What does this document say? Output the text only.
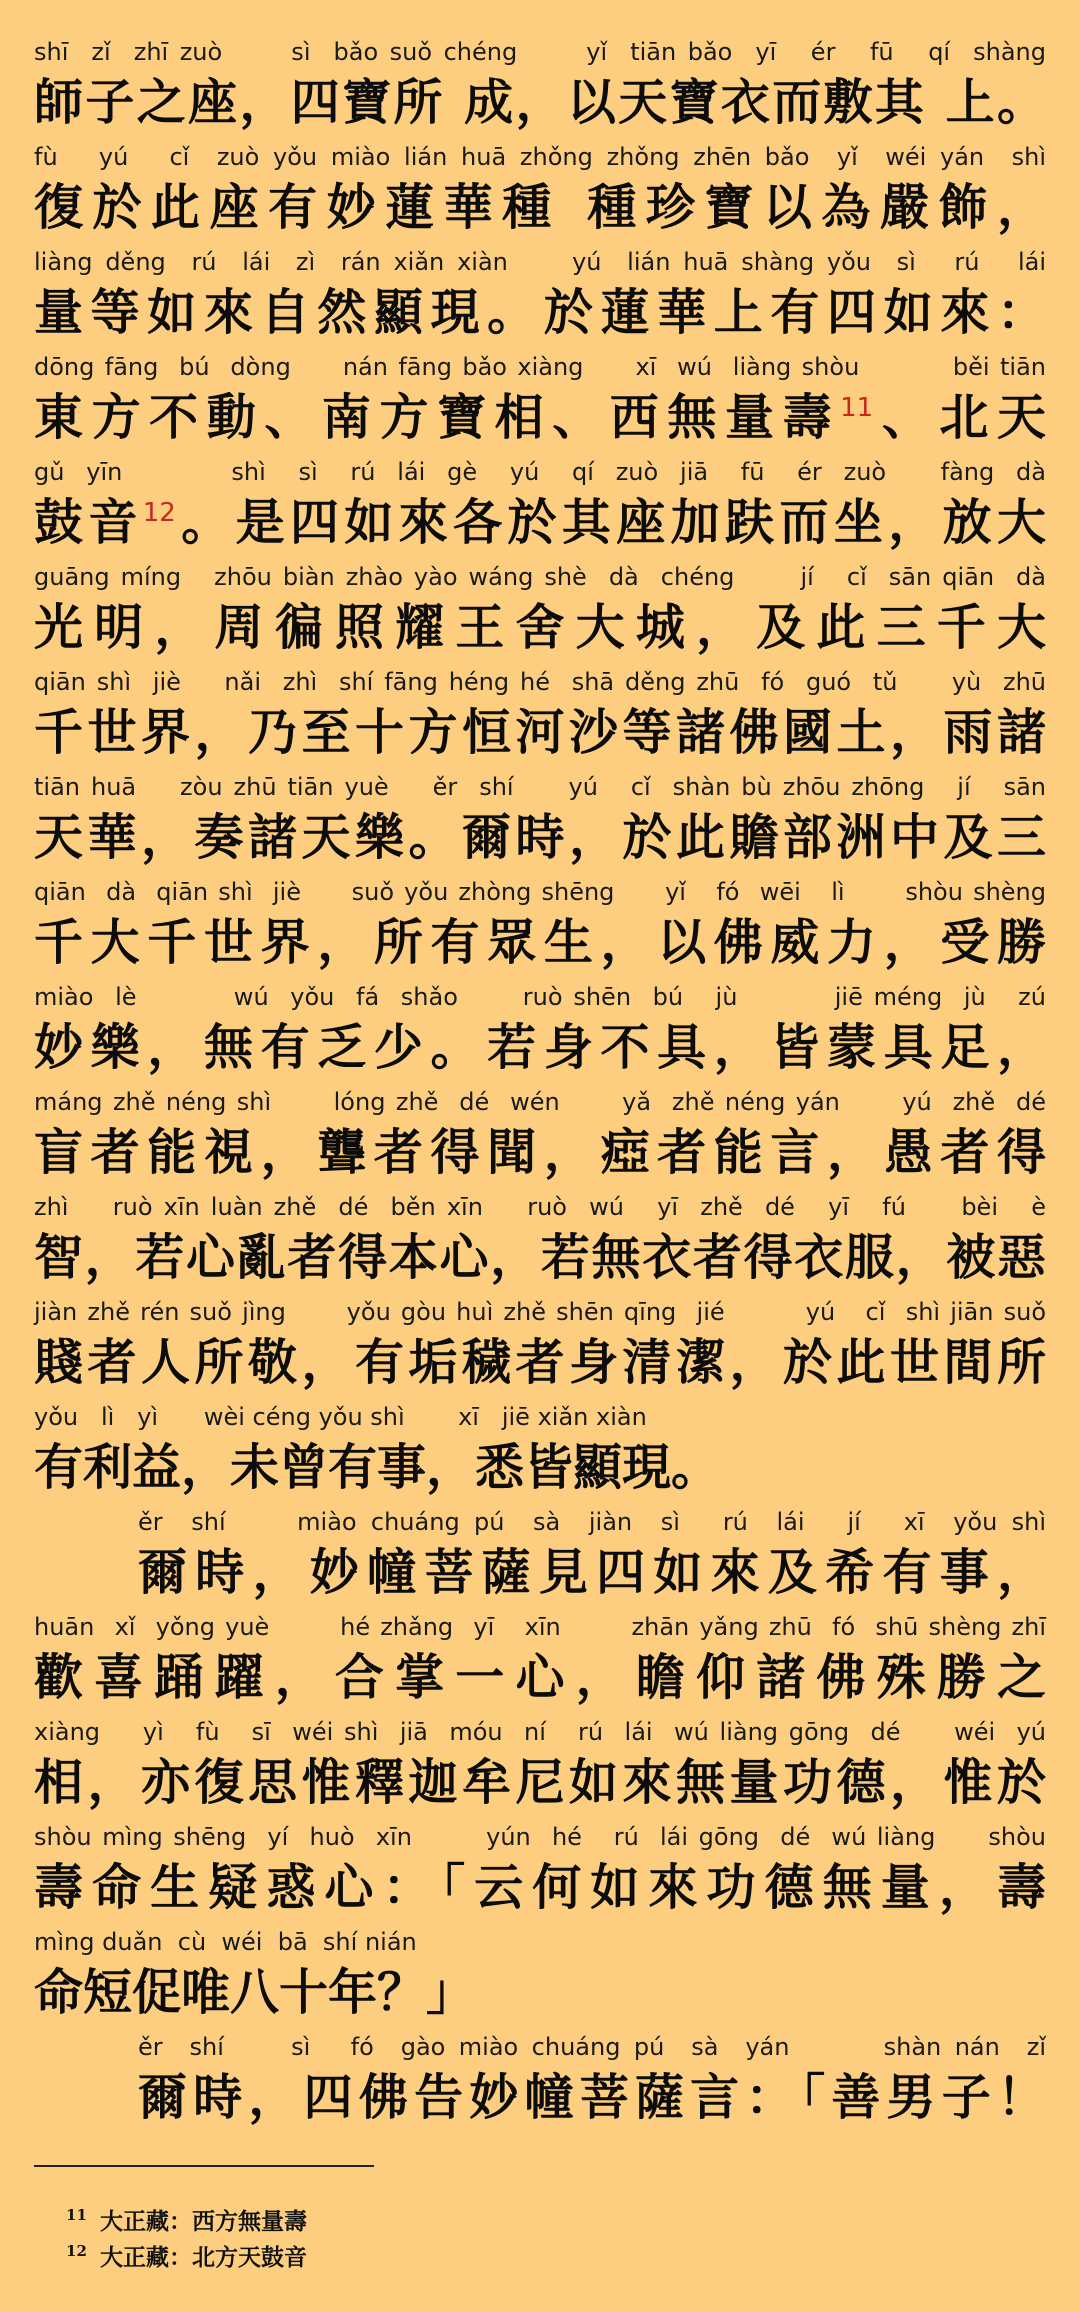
shī  zǐ  zhī zuò      sì  bǎo suǒ chéng      yǐ  tiān bǎo  yī   ér   fū   qí  shàng
師子之座，四寶所 成，以天寶衣而敷其 上。
fù   yú   cǐ  zuò yǒu miào lián huā zhǒng zhǒng zhēn bǎo  yǐ  wéi yán  shì
復於此座有妙蓮華種 種珍寶以為嚴飾，
liàng děng  rú  lái  zì  rán xiǎn xiàn     yú  lián huā shàng yǒu  sì   rú   lái
量等如來自然顯現。於蓮華上有四如來：
dōng fāng  bú  dòng     nán fāng bǎo xiàng     xī  wú  liàng shòu         běi tiān
東方不動、南方寶相、西無量壽$^{11}$、北天
gǔ  yīn          shì   sì   rú  lái  gè   yú   qí  zuò  jiā   fū   ér  zuò     fàng  dà
鼓音$^{12}$。是四如來各於其座加趺而坐，放大
guāng míng   zhōu biàn zhào yào wáng shè  dà  chéng      jí   cǐ  sān qiān  dà
光明，周徧照耀王舍大城，及此三千大
qiān shì  jiè    nǎi  zhì  shí fāng héng hé  shā děng zhū  fó  guó  tǔ     yù  zhū
千世界，乃至十方恒河沙等諸佛國土，雨諸
tiān huā    zòu zhū tiān yuè    ěr  shí     yú   cǐ  shàn bù zhōu zhōng   jí   sān
天華，奏諸天樂。爾時，於此贍部洲中及三
qiān  dà  qiān shì  jiè     suǒ yǒu zhòng shēng     yǐ   fó  wēi   lì      shòu shèng
千大千世界，所有眾生，以佛威力，受勝
miào  lè         wú  yǒu  fá  shǎo      ruò shēn  bú   jù         jiē méng  jù   zú
妙樂，無有乏少。若身不具，皆蒙具足，
máng zhě néng shì      lóng zhě  dé  wén      yǎ  zhě néng yán      yú  zhě  dé
盲者能視，聾者得聞，瘂者能言，愚者得
zhì    ruò xīn luàn zhě  dé  běn xīn    ruò  wú   yī  zhě  dé   yī   fú     bèi   è
智，若心亂者得本心，若無衣者得衣服，被惡
jiàn zhě rén suǒ jìng      yǒu gòu huì zhě shēn qīng  jié        yú   cǐ  shì jiān suǒ
賤者人所敬，有垢穢者身清潔，於此世間所
yǒu   lì   yì      wèi céng yǒu shì       xī   jiē xiǎn xiàn
有利益，未曾有事，悉皆顯現。
ěr  shí     miào chuáng pú  sà  jiàn  sì   rú  lái   jí   xī  yǒu shì
爾時，妙幢菩薩見四如來及希有事，
huān  xǐ  yǒng yuè       hé zhǎng  yī   xīn       zhān yǎng zhū  fó  shū shèng zhī
歡喜踊躍，合掌一心，瞻仰諸佛殊勝之
xiàng    yì   fù   sī  wéi shì  jiā  móu  ní   rú  lái  wú liàng gōng  dé     wéi  yú
相，亦復思惟釋迦牟尼如來無量功德，惟於
shòu mìng shēng  yí  huò  xīn       yún  hé   rú  lái gōng  dé  wú liàng     shòu
壽命生疑惑心：「云何如來功德無量，壽
mìng duǎn  cù  wéi  bā  shí nián
命短促唯八十年？」
ěr  shí     sì   fó  gào miào chuáng pú  sà  yán       shàn nán  zǐ
爾時，四佛告妙幢菩薩言：「善男子！

11 大正藏：西方無量壽

12 大正藏：北方天鼓音
